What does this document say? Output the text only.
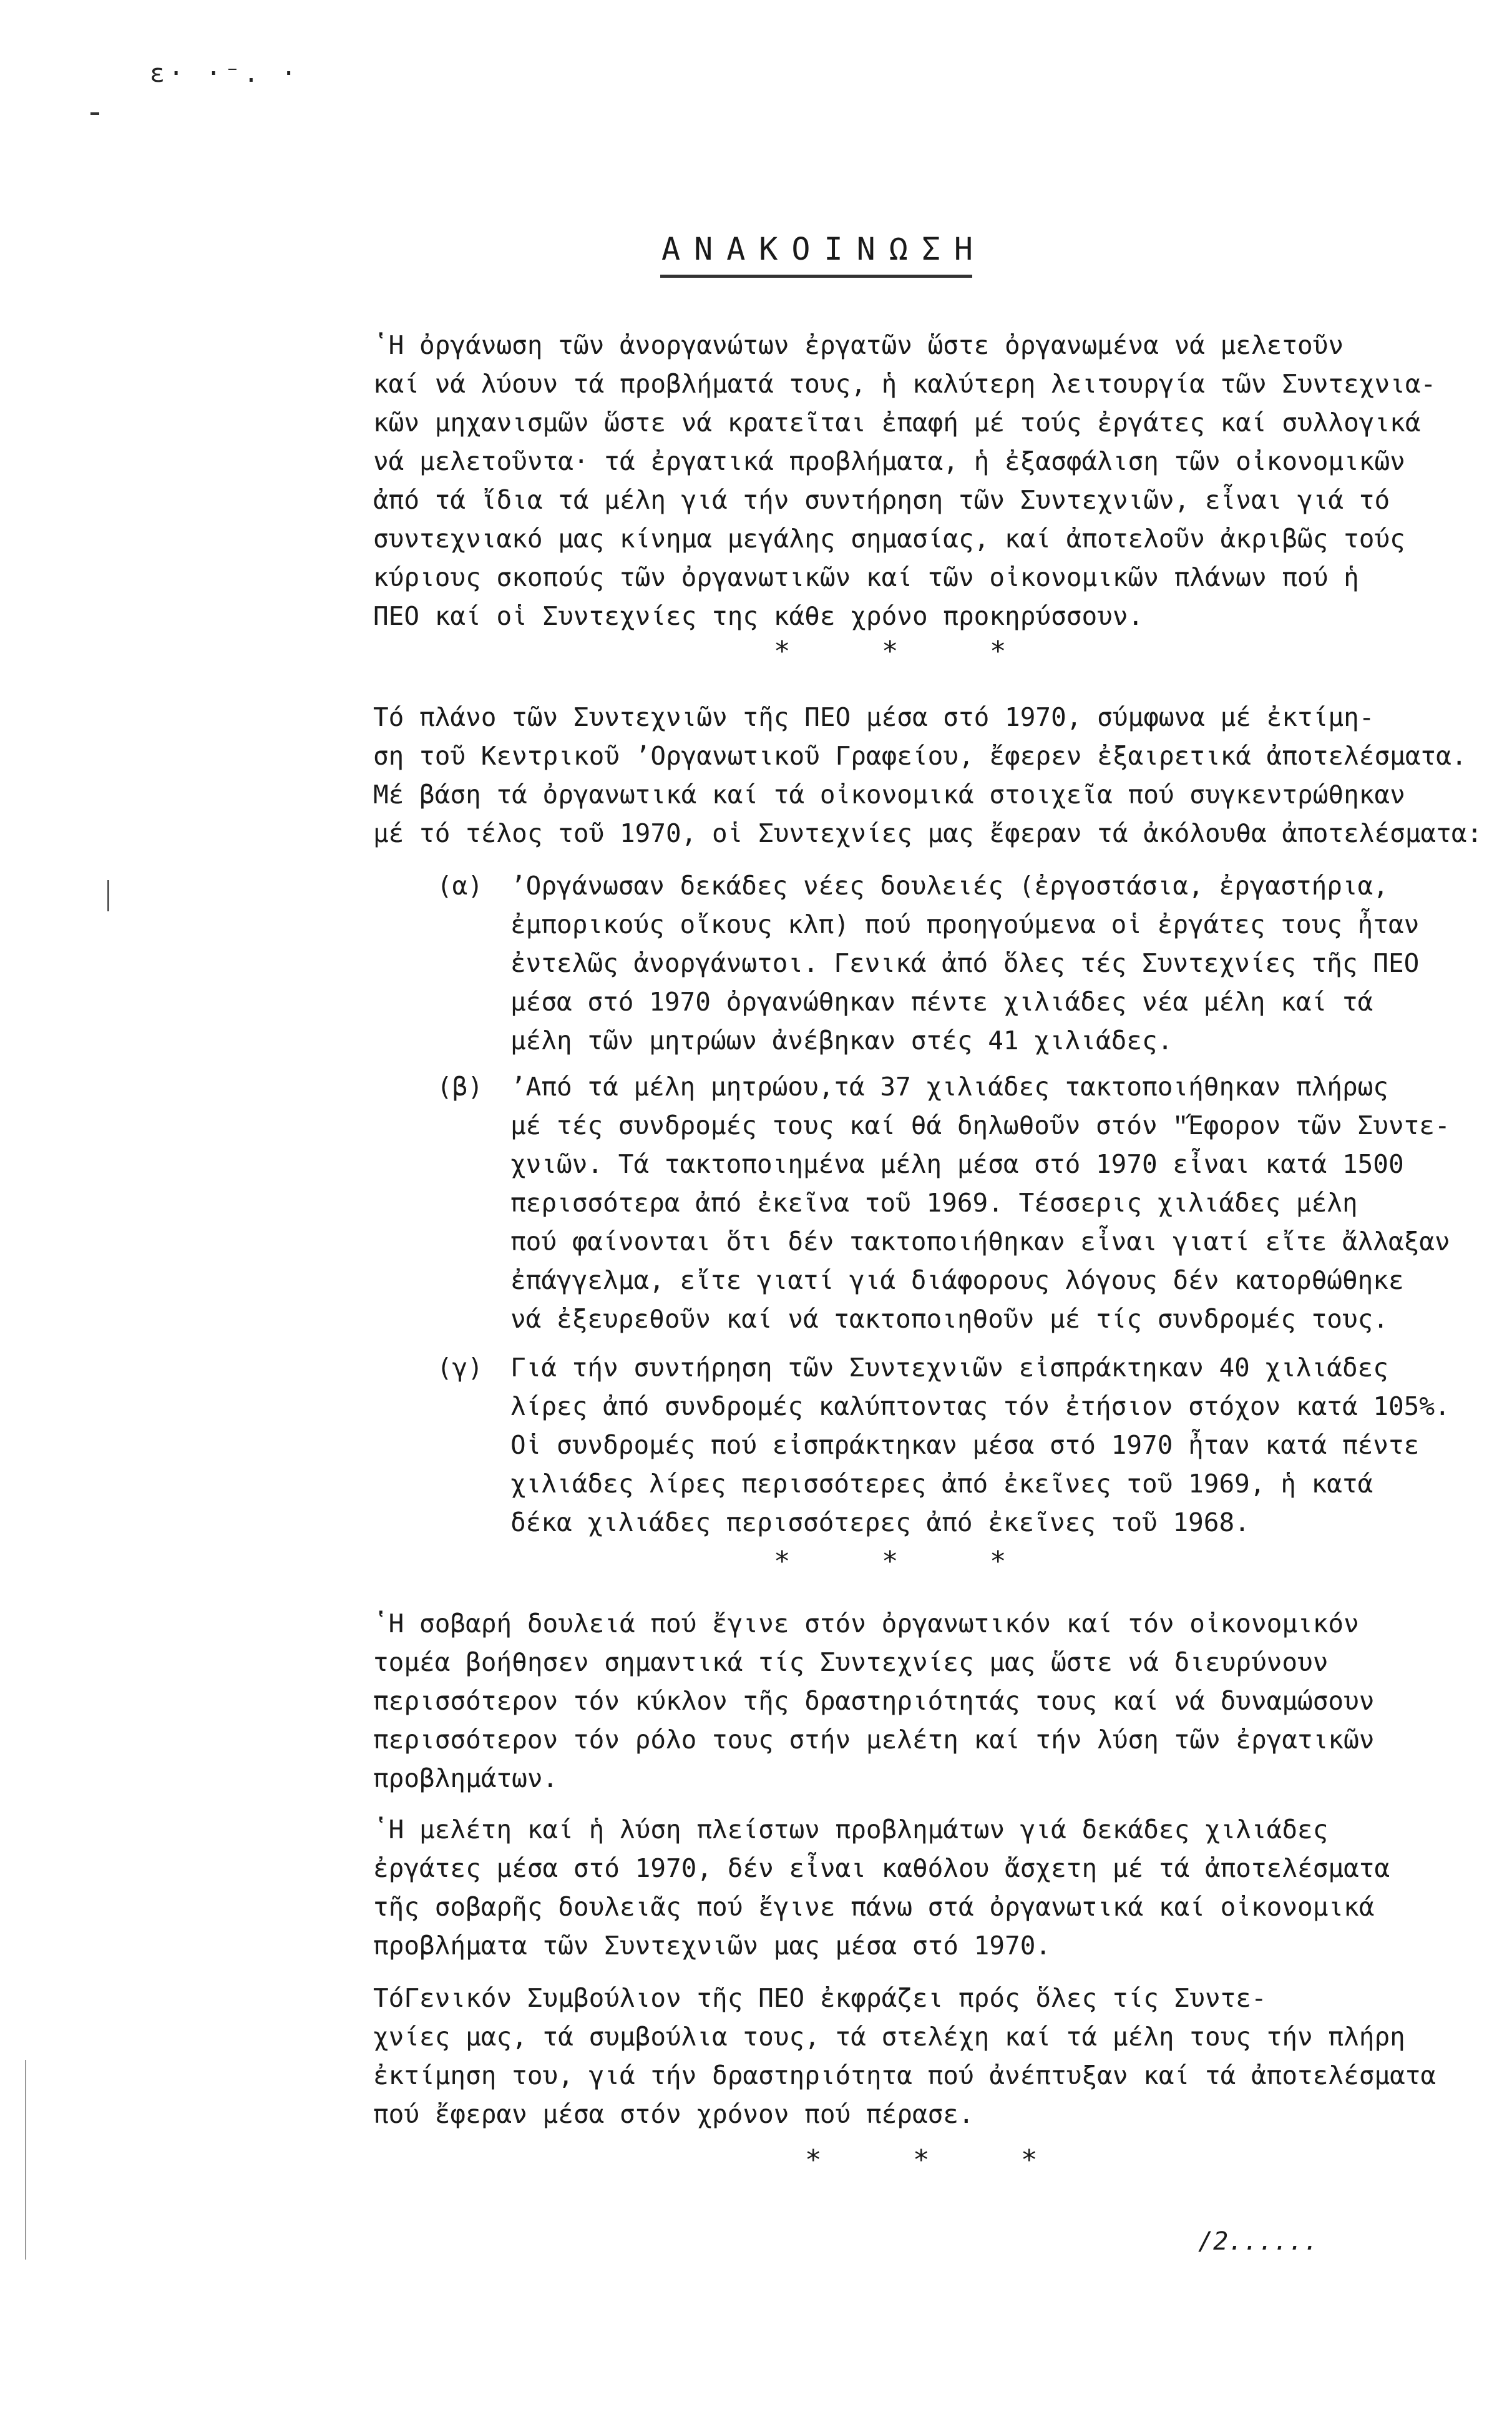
ε· ·⁻. ·
ΑΝΑΚΟΙΝΩΣΗ

ʽΗ ὀργάνωση τῶν ἀνοργανώτων ἐργατῶν ὥστε ὀργανωμένα νά μελετοῦν
καί νά λύουν τά προβλήματά τους, ἡ καλύτερη λειτουργία τῶν Συντεχνια-
κῶν μηχανισμῶν ὥστε νά κρατεῖται ἐπαφή μέ τούς ἐργάτες καί συλλογικά
νά μελετοῦντα· τά ἐργατικά προβλήματα, ἡ ἐξασφάλιση τῶν οἰκονομικῶν
ἀπό τά ἴδια τά μέλη γιά τήν συντήρηση τῶν Συντεχνιῶν, εἶναι γιά τό
συντεχνιακό μας κίνημα μεγάλης σημασίας, καί ἀποτελοῦν ἀκριβῶς τούς
κύριους σκοπούς τῶν ὀργανωτικῶν καί τῶν οἰκονομικῶν πλάνων πού ἡ
ΠΕΟ καί οἱ Συντεχνίες της κάθε χρόνο προκηρύσσουν.

* * *

Τό πλάνο τῶν Συντεχνιῶν τῆς ΠΕΟ μέσα στό 1970, σύμφωνα μέ ἐκτίμη-
ση τοῦ Κεντρικοῦ ʼΟργανωτικοῦ Γραφείου, ἔφερεν ἐξαιρετικά ἀποτελέσματα.
Μέ βάση τά ὀργανωτικά καί τά οἰκονομικά στοιχεῖα πού συγκεντρώθηκαν
μέ τό τέλος τοῦ 1970, οἱ Συντεχνίες μας ἔφεραν τά ἀκόλουθα ἀποτελέσματα:

(α) ʼΟργάνωσαν δεκάδες νέες δουλειές (ἐργοστάσια, ἐργαστήρια,
ἐμπορικούς οἴκους κλπ) πού προηγούμενα οἱ ἐργάτες τους ἦταν
ἐντελῶς ἀνοργάνωτοι. Γενικά ἀπό ὅλες τές Συντεχνίες τῆς ΠΕΟ
μέσα στό 1970 ὀργανώθηκαν πέντε χιλιάδες νέα μέλη καί τά
μέλη τῶν μητρώων ἀνέβηκαν στές 41 χιλιάδες.

(β) ʼΑπό τά μέλη μητρώου,τά 37 χιλιάδες τακτοποιήθηκαν πλήρως
μέ τές συνδρομές τους καί θά δηλωθοῦν στόν ʺΈφορον τῶν Συντε-
χνιῶν. Τά τακτοποιημένα μέλη μέσα στό 1970 εἶναι κατά 1500
περισσότερα ἀπό ἐκεῖνα τοῦ 1969. Τέσσερις χιλιάδες μέλη
πού φαίνονται ὅτι δέν τακτοποιήθηκαν εἶναι γιατί εἴτε ἄλλαξαν
ἐπάγγελμα, εἴτε γιατί γιά διάφορους λόγους δέν κατορθώθηκε
νά ἐξευρεθοῦν καί νά τακτοποιηθοῦν μέ τίς συνδρομές τους.

(γ) Γιά τήν συντήρηση τῶν Συντεχνιῶν εἰσπράκτηκαν 40 χιλιάδες
λίρες ἀπό συνδρομές καλύπτοντας τόν ἐτήσιον στόχον κατά 105%.
Οἱ συνδρομές πού εἰσπράκτηκαν μέσα στό 1970 ἦταν κατά πέντε
χιλιάδες λίρες περισσότερες ἀπό ἐκεῖνες τοῦ 1969, ἡ κατά
δέκα χιλιάδες περισσότερες ἀπό ἐκεῖνες τοῦ 1968.

* * *

ʽΗ σοβαρή δουλειά πού ἔγινε στόν ὀργανωτικόν καί τόν οἰκονομικόν
τομέα βοήθησεν σημαντικά τίς Συντεχνίες μας ὥστε νά διευρύνουν
περισσότερον τόν κύκλον τῆς δραστηριότητάς τους καί νά δυναμώσουν
περισσότερον τόν ρόλο τους στήν μελέτη καί τήν λύση τῶν ἐργατικῶν
προβλημάτων.

ʽΗ μελέτη καί ἡ λύση πλείστων προβλημάτων γιά δεκάδες χιλιάδες
ἐργάτες μέσα στό 1970, δέν εἶναι καθόλου ἄσχετη μέ τά ἀποτελέσματα
τῆς σοβαρῆς δουλειᾶς πού ἔγινε πάνω στά ὀργανωτικά καί οἰκονομικά
προβλήματα τῶν Συντεχνιῶν μας μέσα στό 1970.

ΤόΓενικόν Συμβούλιον τῆς ΠΕΟ ἐκφράζει πρός ὅλες τίς Συντε-
χνίες μας, τά συμβούλια τους, τά στελέχη καί τά μέλη τους τήν πλήρη
ἐκτίμηση του, γιά τήν δραστηριότητα πού ἀνέπτυξαν καί τά ἀποτελέσματα
πού ἔφεραν μέσα στόν χρόνον πού πέρασε.

* * *
/2......
